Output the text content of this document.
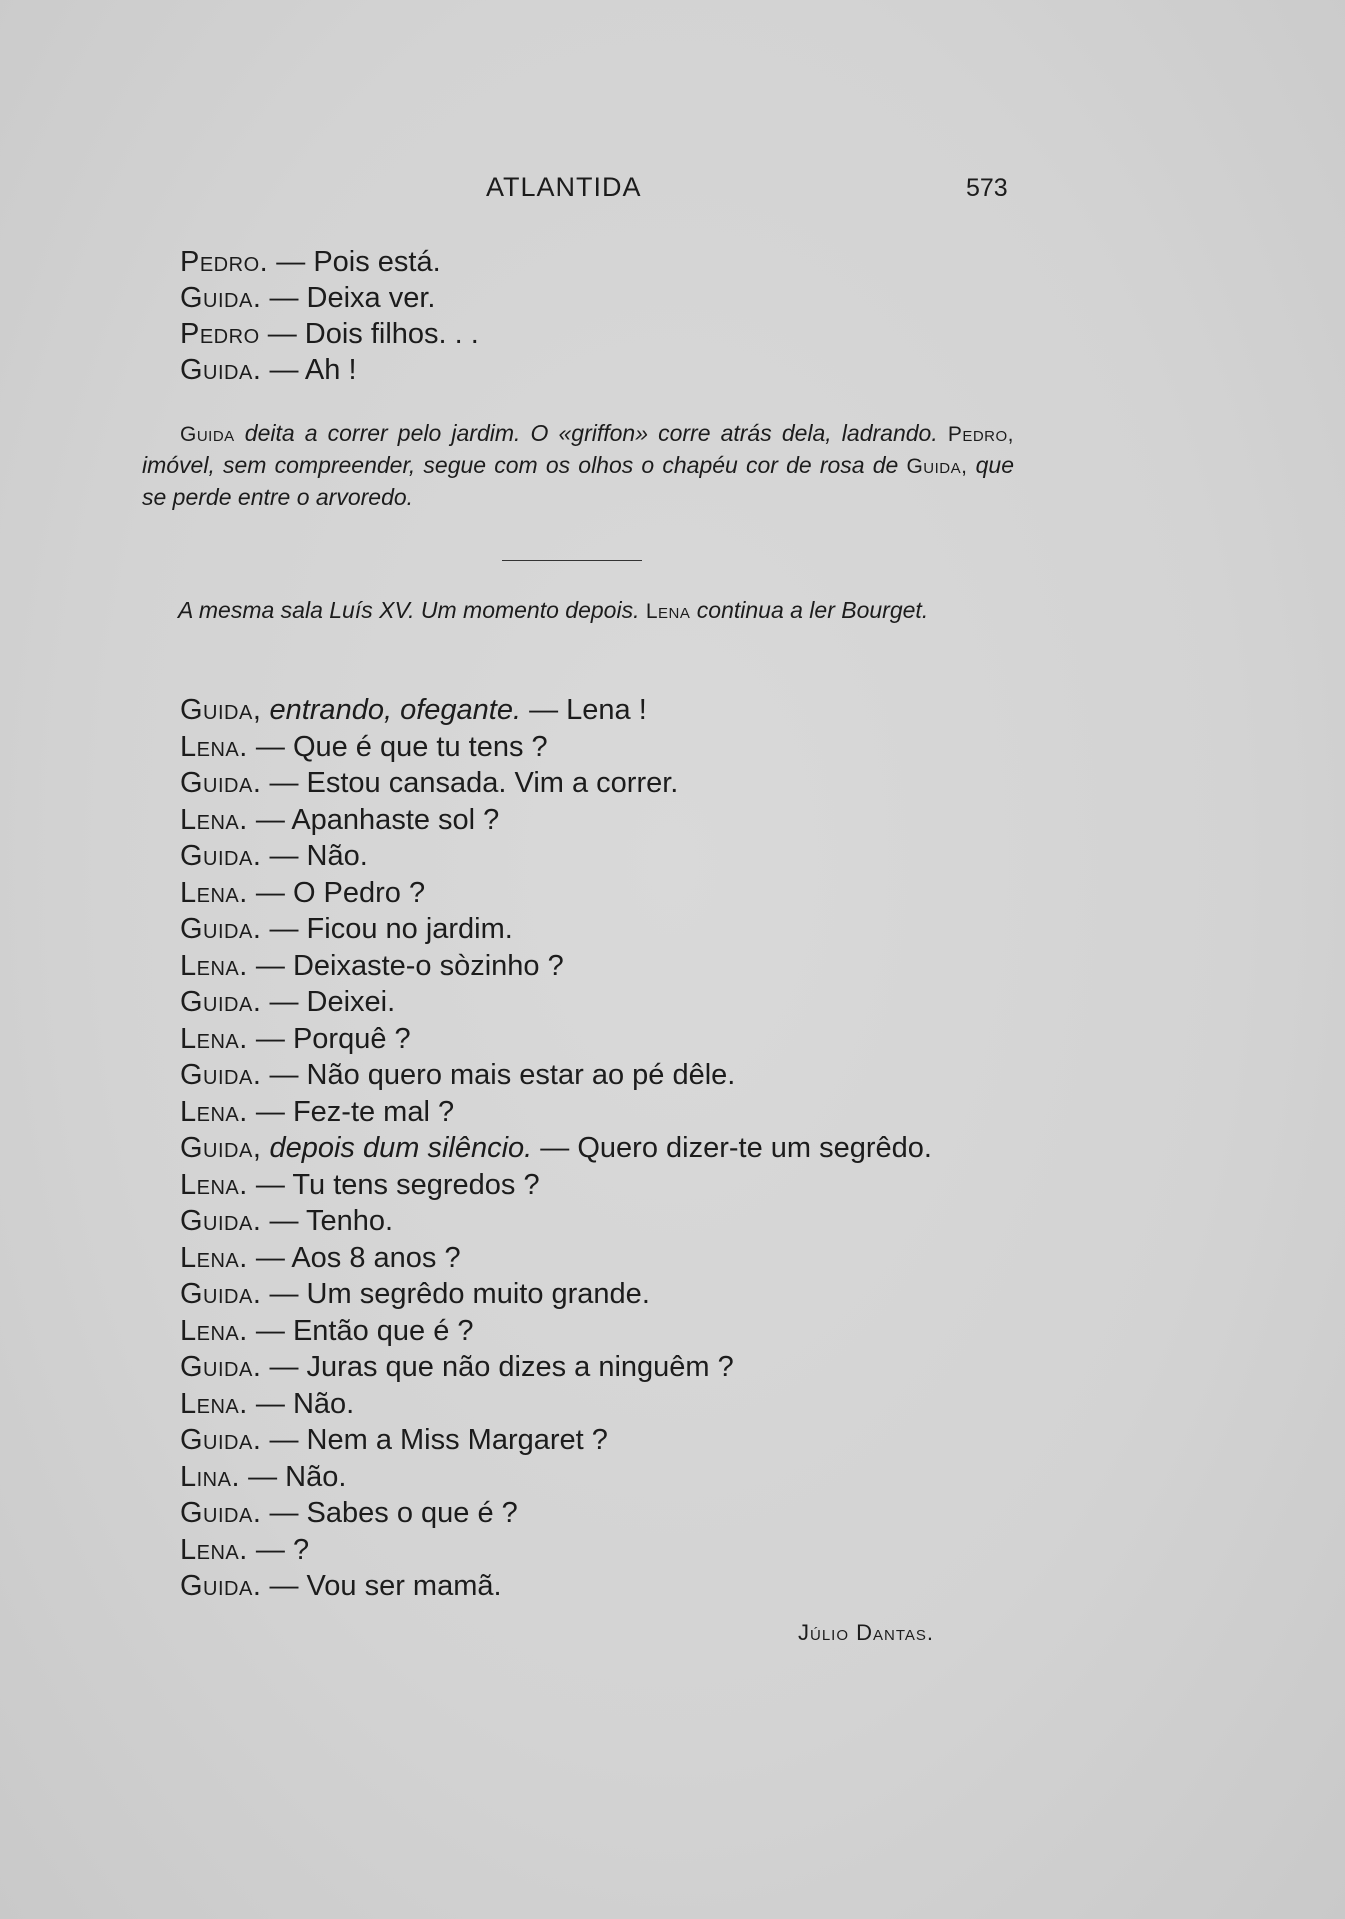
ATLANTIDA	573
Pedro. — Pois está.
Guida. — Deixa ver.
Pedro — Dois filhos. . .
Guida. — Ah !
Guida deita a correr pelo jardim. O «griffon» corre atrás dela, ladrando. Pedro, imóvel, sem compreender, segue com os olhos o chapéu cor de rosa de Guida, que se perde entre o arvoredo.
A mesma sala Luís XV. Um momento depois. Lena continua a ler Bourget.
Guida, entrando, ofegante. — Lena !
Lena. — Que é que tu tens ?
Guida. — Estou cansada. Vim a correr.
Lena. — Apanhaste sol ?
Guida. — Não.
Lena. — O Pedro ?
Guida. — Ficou no jardim.
Lena. — Deixaste-o sòzinho ?
Guida. — Deixei.
Lena. — Porquê ?
Guida. — Não quero mais estar ao pé dêle.
Lena. — Fez-te mal ?
Guida, depois dum silêncio. — Quero dizer-te um segrêdo.
Lena. — Tu tens segredos ?
Guida. — Tenho.
Lena. — Aos 8 anos ?
Guida. — Um segrêdo muito grande.
Lena. — Então que é ?
Guida. — Juras que não dizes a ninguêm ?
Lena. — Não.
Guida. — Nem a Miss Margaret ?
Lina. — Não.
Guida. — Sabes o que é ?
Lena. — ?
Guida. — Vou ser mamã.
Júlio Dantas.
